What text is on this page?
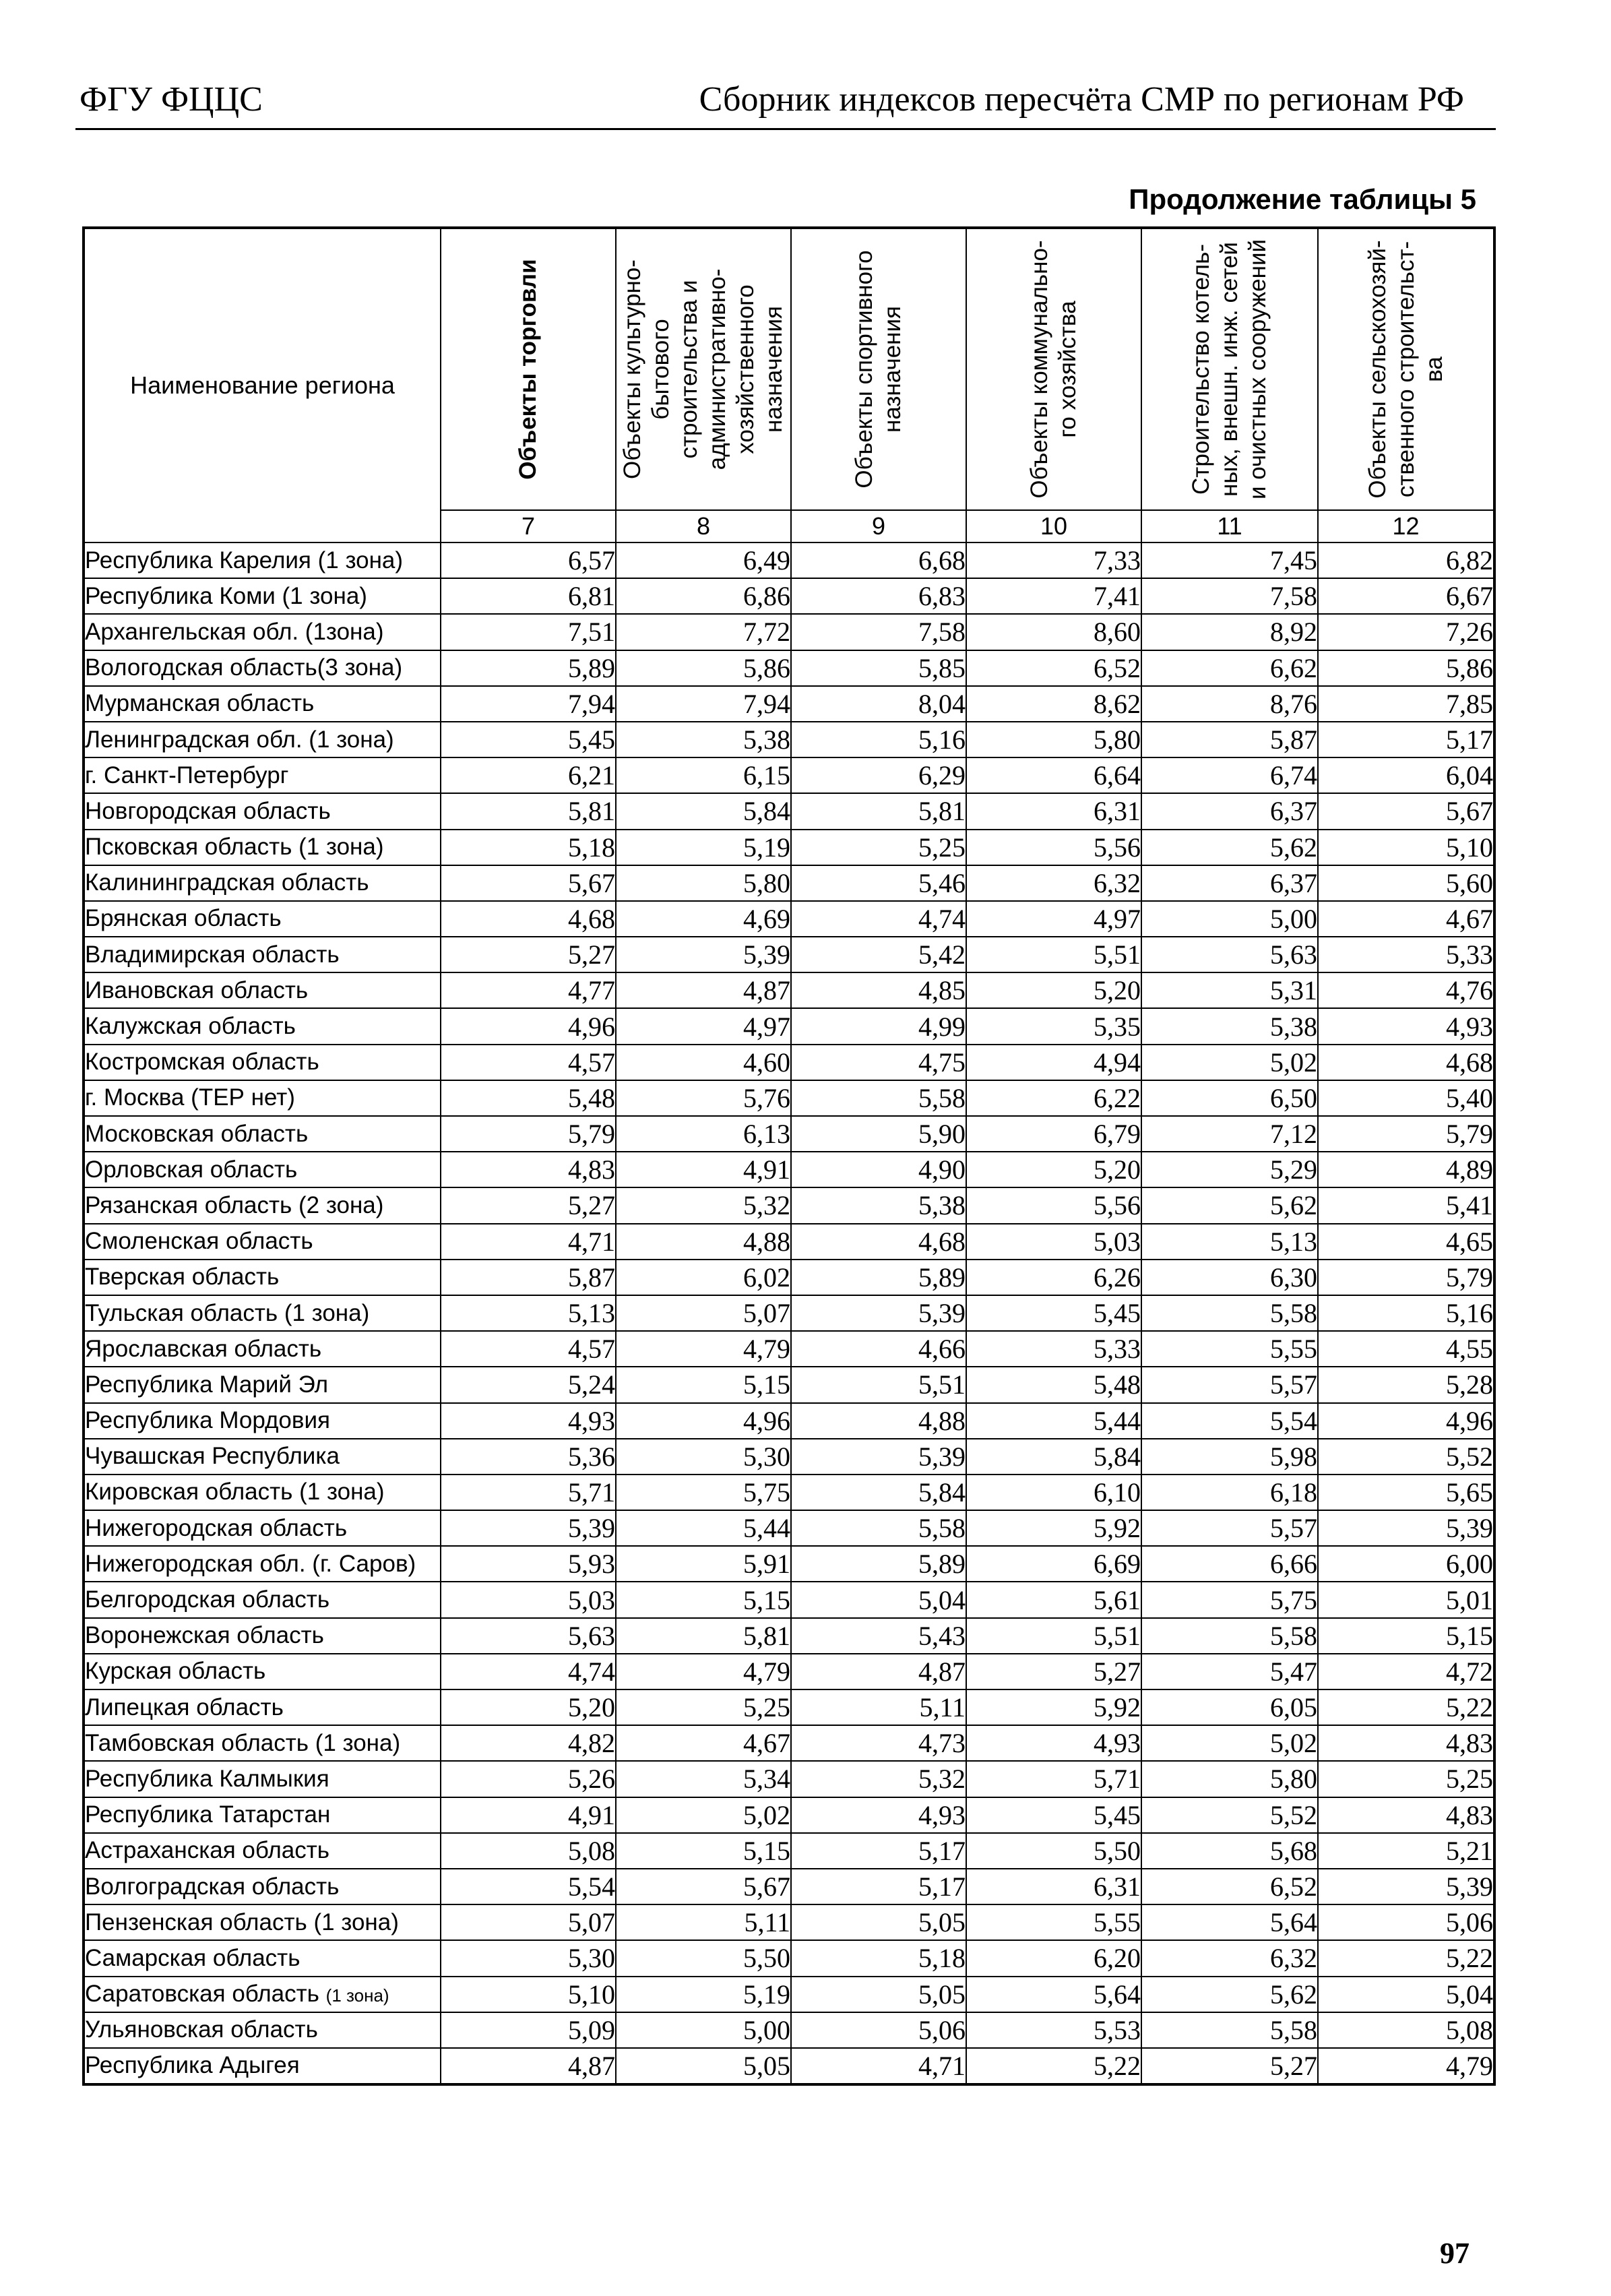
ФГУ ФЦЦС	Сборник индексов пересчёта СМР по регионам РФ
Продолжение таблицы 5
Наименование региона	Объекты торговли	Объекты культурно-бытового строительства и административно-хозяйственного назначения	Объекты спортивного назначения	Объекты коммунально-го хозяйства	Строительство котель-ных, внешн. инж. сетей и очистных сооружений	Объекты сельскохозяй-ственного строительст-ва

	7	8	9	10	11	12
Республика Карелия (1 зона)	6,57	6,49	6,68	7,33	7,45	6,82
Республика Коми (1 зона)	6,81	6,86	6,83	7,41	7,58	6,67
Архангельская обл. (1зона)	7,51	7,72	7,58	8,60	8,92	7,26
Вологодская область(3 зона)	5,89	5,86	5,85	6,52	6,62	5,86
Мурманская область	7,94	7,94	8,04	8,62	8,76	7,85
Ленинградская обл. (1 зона)	5,45	5,38	5,16	5,80	5,87	5,17
г. Санкт-Петербург	6,21	6,15	6,29	6,64	6,74	6,04
Новгородская область	5,81	5,84	5,81	6,31	6,37	5,67
Псковская область (1 зона)	5,18	5,19	5,25	5,56	5,62	5,10
Калининградская область	5,67	5,80	5,46	6,32	6,37	5,60
Брянская область	4,68	4,69	4,74	4,97	5,00	4,67
Владимирская область	5,27	5,39	5,42	5,51	5,63	5,33
Ивановская область	4,77	4,87	4,85	5,20	5,31	4,76
Калужская область	4,96	4,97	4,99	5,35	5,38	4,93
Костромская область	4,57	4,60	4,75	4,94	5,02	4,68
г. Москва (ТЕР нет)	5,48	5,76	5,58	6,22	6,50	5,40
Московская область	5,79	6,13	5,90	6,79	7,12	5,79
Орловская область	4,83	4,91	4,90	5,20	5,29	4,89
Рязанская область (2 зона)	5,27	5,32	5,38	5,56	5,62	5,41
Смоленская область	4,71	4,88	4,68	5,03	5,13	4,65
Тверская область	5,87	6,02	5,89	6,26	6,30	5,79
Тульская область (1 зона)	5,13	5,07	5,39	5,45	5,58	5,16
Ярославская область	4,57	4,79	4,66	5,33	5,55	4,55
Республика Марий Эл	5,24	5,15	5,51	5,48	5,57	5,28
Республика Мордовия	4,93	4,96	4,88	5,44	5,54	4,96
Чувашская Республика	5,36	5,30	5,39	5,84	5,98	5,52
Кировская область (1 зона)	5,71	5,75	5,84	6,10	6,18	5,65
Нижегородская область	5,39	5,44	5,58	5,92	5,57	5,39
Нижегородская обл. (г. Саров)	5,93	5,91	5,89	6,69	6,66	6,00
Белгородская область	5,03	5,15	5,04	5,61	5,75	5,01
Воронежская область	5,63	5,81	5,43	5,51	5,58	5,15
Курская область	4,74	4,79	4,87	5,27	5,47	4,72
Липецкая область	5,20	5,25	5,11	5,92	6,05	5,22
Тамбовская область (1 зона)	4,82	4,67	4,73	4,93	5,02	4,83
Республика Калмыкия	5,26	5,34	5,32	5,71	5,80	5,25
Республика Татарстан	4,91	5,02	4,93	5,45	5,52	4,83
Астраханская область	5,08	5,15	5,17	5,50	5,68	5,21
Волгоградская область	5,54	5,67	5,17	6,31	6,52	5,39
Пензенская область (1 зона)	5,07	5,11	5,05	5,55	5,64	5,06
Самарская область	5,30	5,50	5,18	6,20	6,32	5,22
Саратовская область (1 зона)	5,10	5,19	5,05	5,64	5,62	5,04
Ульяновская область	5,09	5,00	5,06	5,53	5,58	5,08
Республика Адыгея	4,87	5,05	4,71	5,22	5,27	4,79
97
